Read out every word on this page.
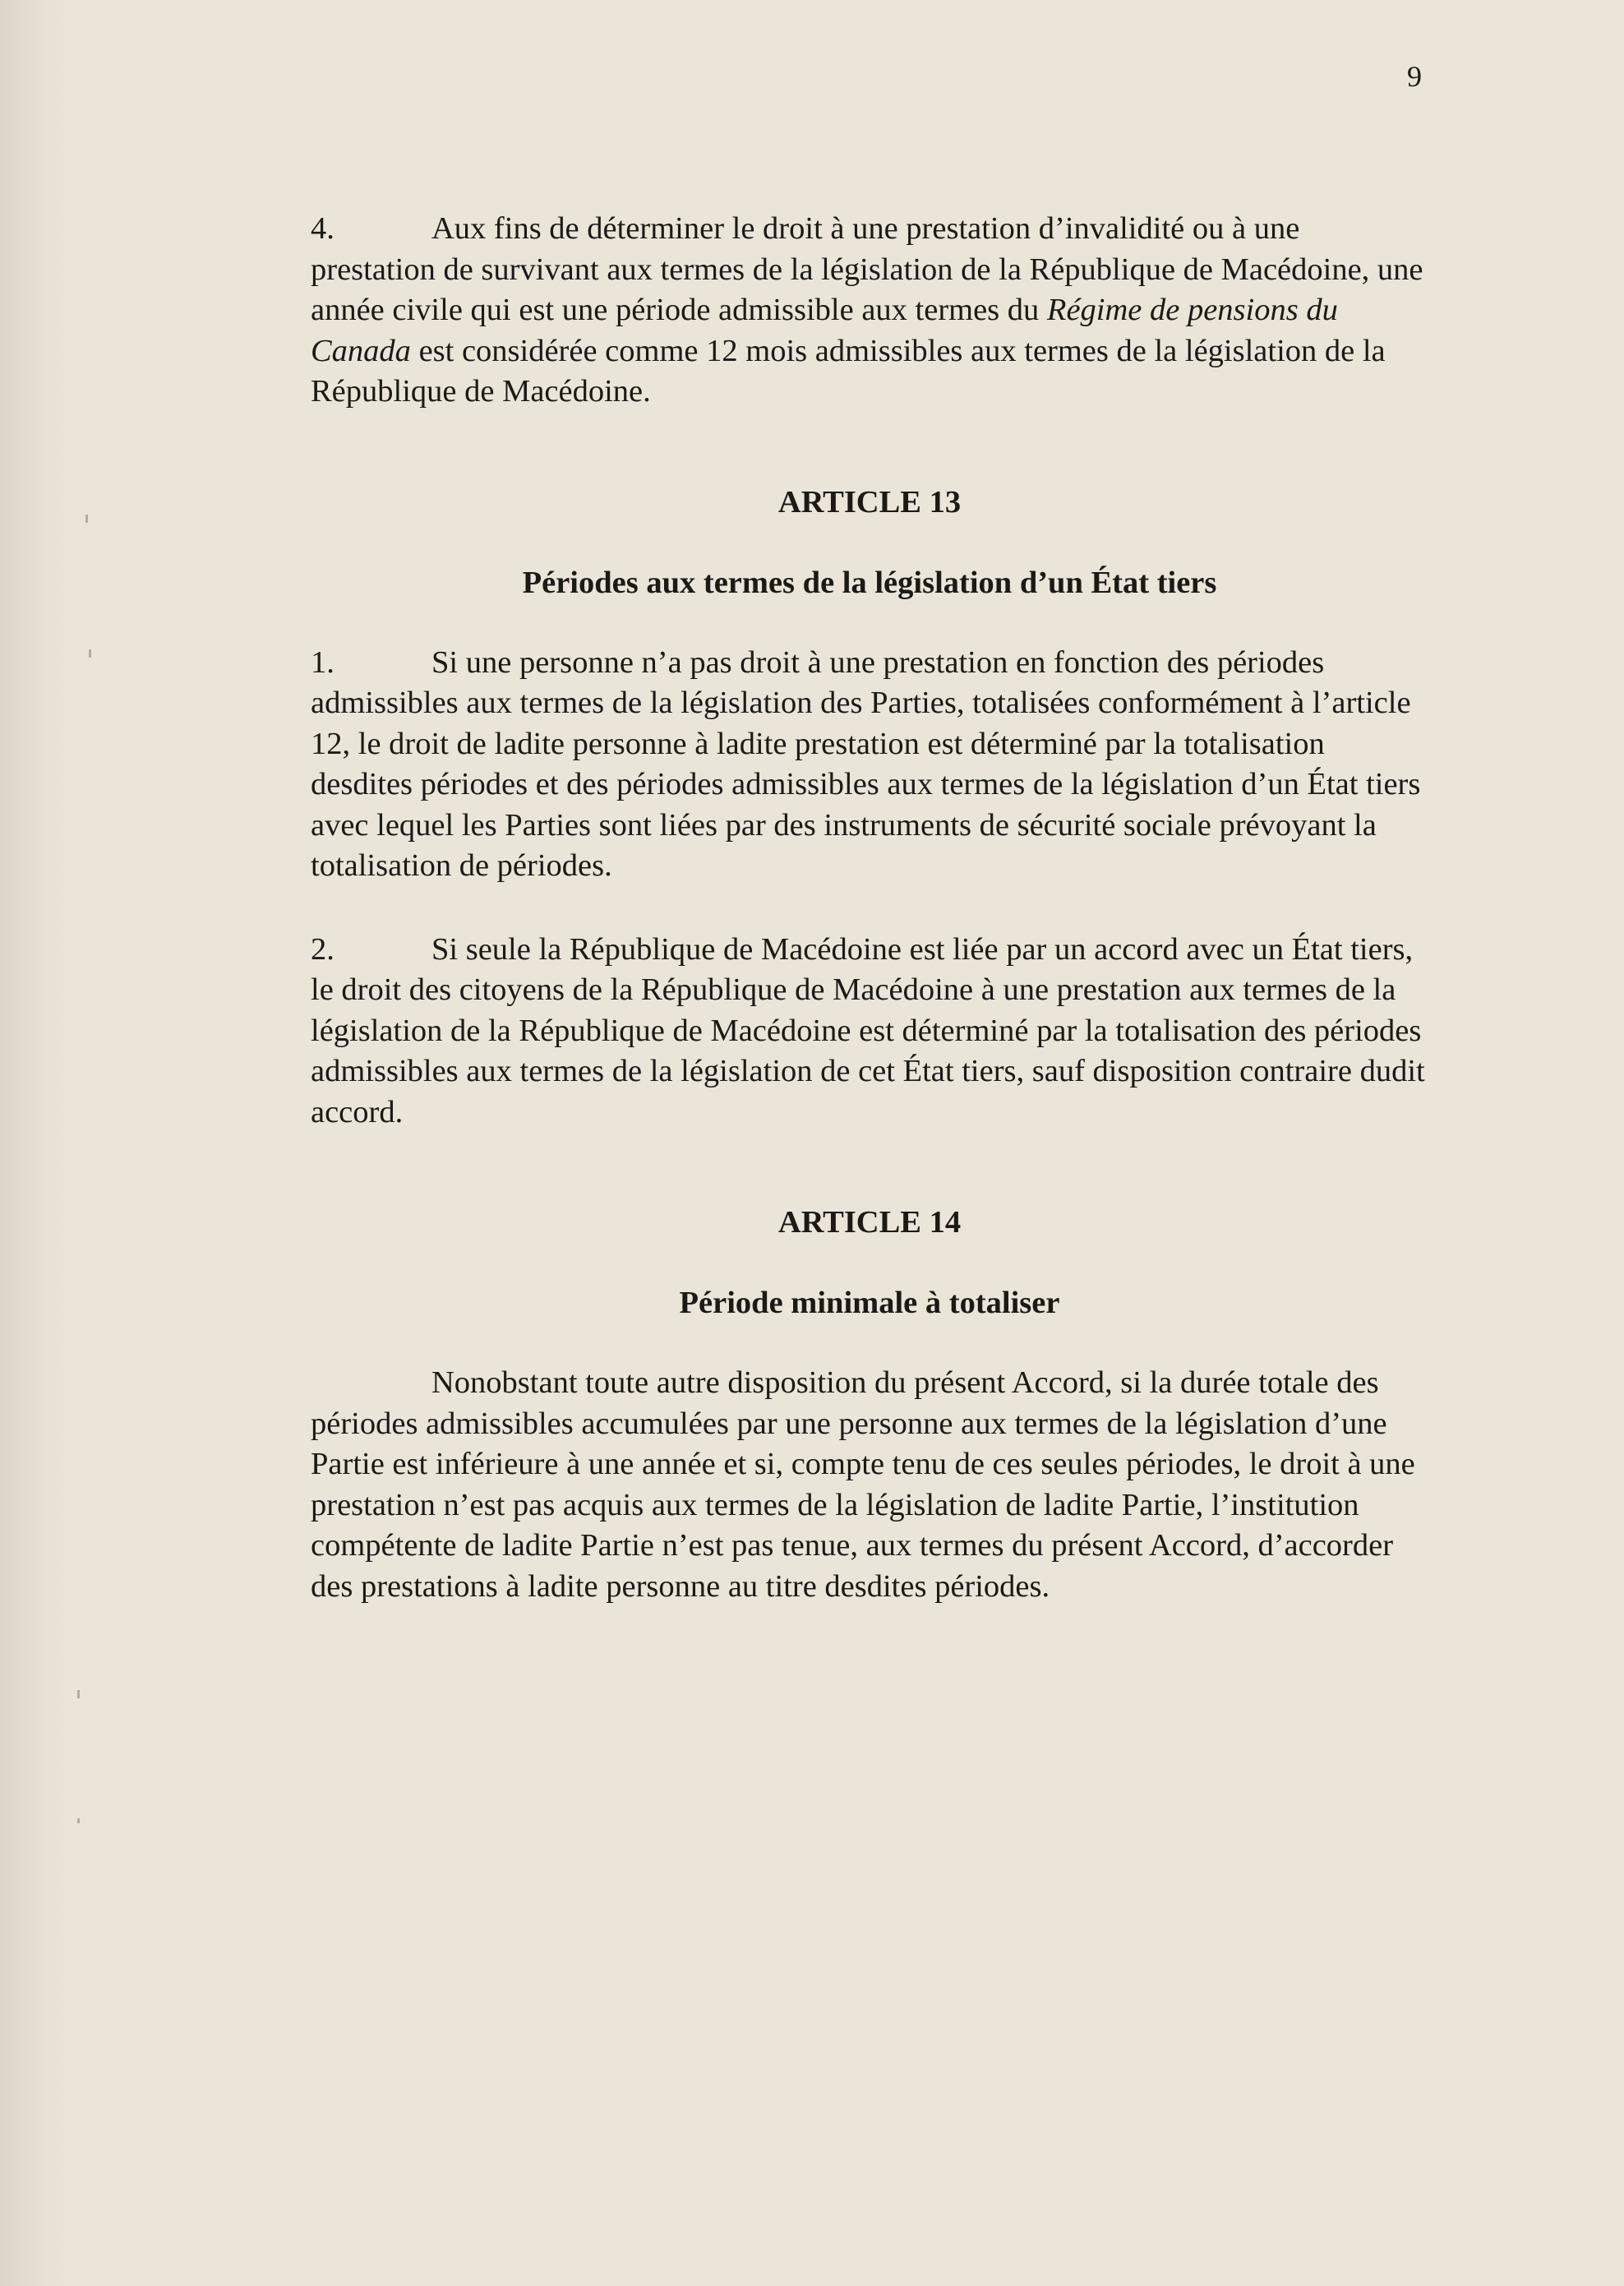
9

4.	Aux fins de déterminer le droit à une prestation d’invalidité ou à une prestation de survivant aux termes de la législation de la République de Macédoine, une année civile qui est une période admissible aux termes du Régime de pensions du Canada est considérée comme 12 mois admissibles aux termes de la législation de la République de Macédoine.

ARTICLE 13

Périodes aux termes de la législation d’un État tiers

1.	Si une personne n’a pas droit à une prestation en fonction des périodes admissibles aux termes de la législation des Parties, totalisées conformément à l’article 12, le droit de ladite personne à ladite prestation est déterminé par la totalisation desdites périodes et des périodes admissibles aux termes de la législation d’un État tiers avec lequel les Parties sont liées par des instruments de sécurité sociale prévoyant la totalisation de périodes.

2.	Si seule la République de Macédoine est liée par un accord avec un État tiers, le droit des citoyens de la République de Macédoine à une prestation aux termes de la législation de la République de Macédoine est déterminé par la totalisation des périodes admissibles aux termes de la législation de cet État tiers, sauf disposition contraire dudit accord.

ARTICLE 14

Période minimale à totaliser

Nonobstant toute autre disposition du présent Accord, si la durée totale des périodes admissibles accumulées par une personne aux termes de la législation d’une Partie est inférieure à une année et si, compte tenu de ces seules périodes, le droit à une prestation n’est pas acquis aux termes de la législation de ladite Partie, l’institution compétente de ladite Partie n’est pas tenue, aux termes du présent Accord, d’accorder des prestations à ladite personne au titre desdites périodes.
